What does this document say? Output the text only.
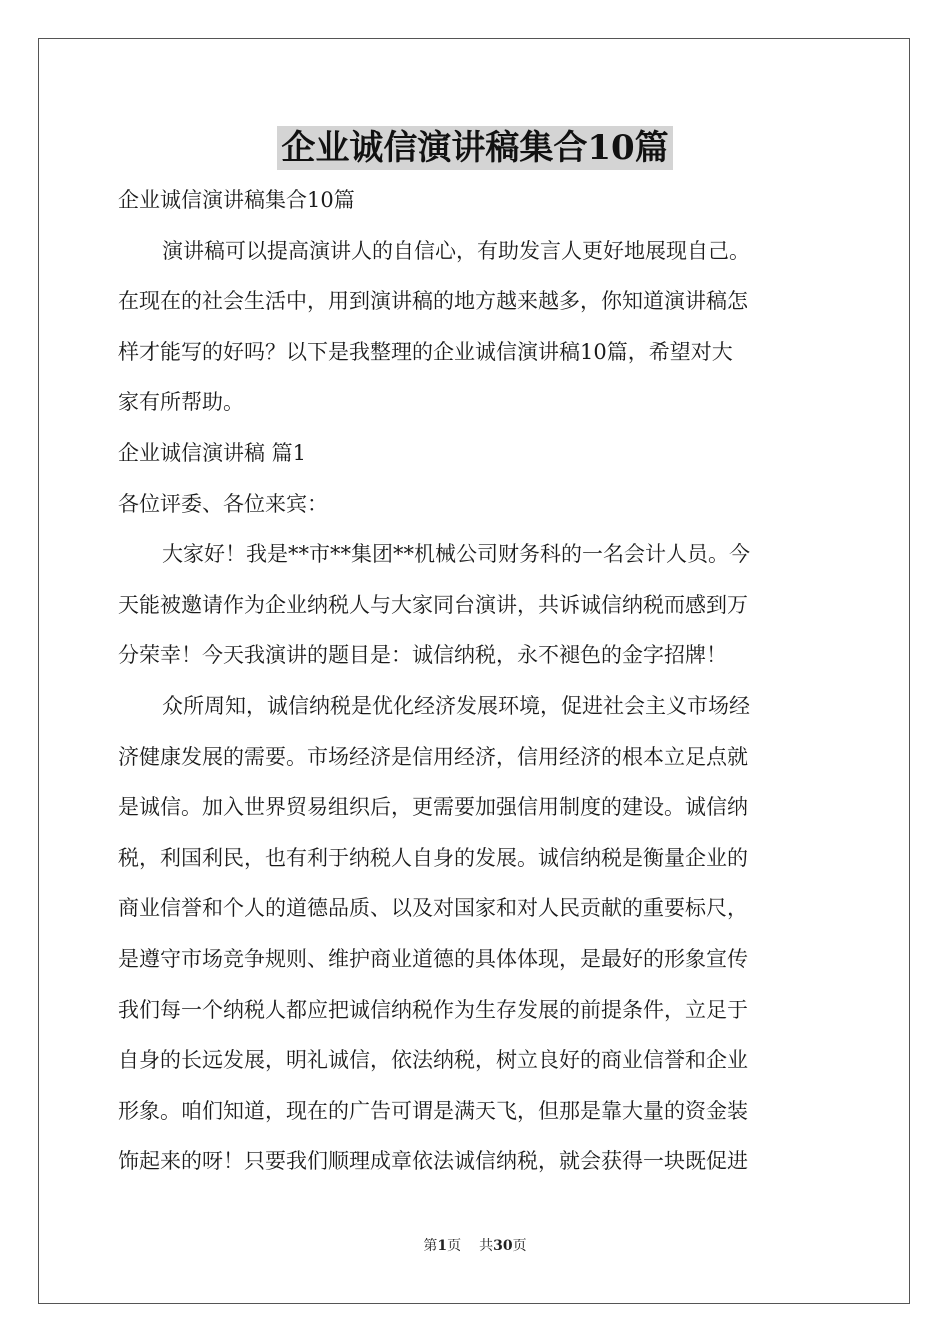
企业诚信演讲稿集合10篇
企业诚信演讲稿集合10篇
演讲稿可以提高演讲人的自信心，有助发言人更好地展现自己。
在现在的社会生活中，用到演讲稿的地方越来越多，你知道演讲稿怎
样才能写的好吗？以下是我整理的企业诚信演讲稿10篇，希望对大
家有所帮助。
企业诚信演讲稿 篇1
各位评委、各位来宾：
大家好！我是**市**集团**机械公司财务科的一名会计人员。今
天能被邀请作为企业纳税人与大家同台演讲，共诉诚信纳税而感到万
分荣幸！今天我演讲的题目是：诚信纳税，永不褪色的金字招牌！
众所周知，诚信纳税是优化经济发展环境，促进社会主义市场经
济健康发展的需要。市场经济是信用经济，信用经济的根本立足点就
是诚信。加入世界贸易组织后，更需要加强信用制度的建设。诚信纳
税，利国利民，也有利于纳税人自身的发展。诚信纳税是衡量企业的
商业信誉和个人的道德品质、以及对国家和对人民贡献的重要标尺，
是遵守市场竞争规则、维护商业道德的具体体现，是最好的形象宣传
我们每一个纳税人都应把诚信纳税作为生存发展的前提条件，立足于
自身的长远发展，明礼诚信，依法纳税，树立良好的商业信誉和企业
形象。咱们知道，现在的广告可谓是满天飞，但那是靠大量的资金装
饰起来的呀！只要我们顺理成章依法诚信纳税，就会获得一块既促进
第1页 共30页
